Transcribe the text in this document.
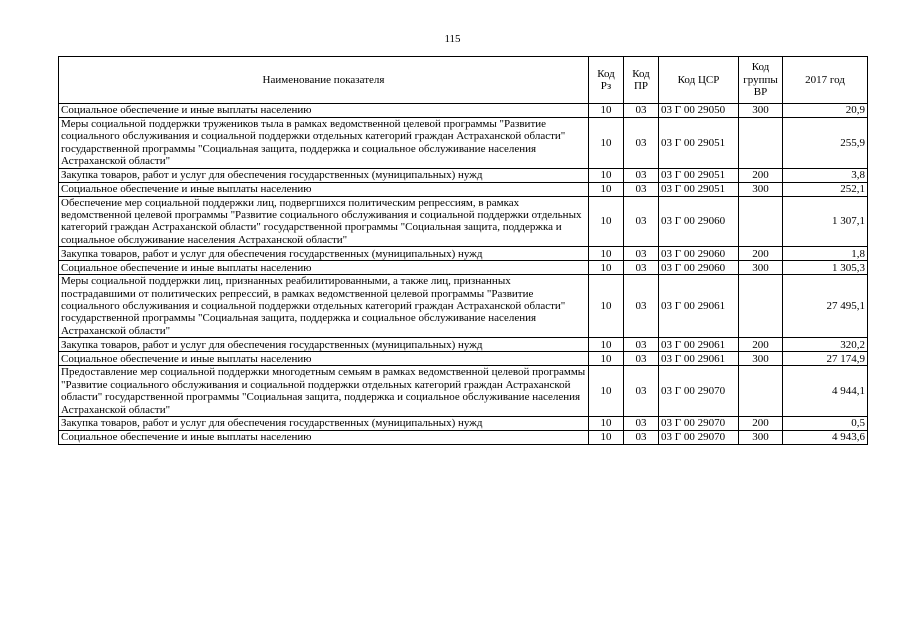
115
Наименование показателя	Код Рз	Код ПР	Код ЦСР	Код группы ВР	2017 год
Социальное обеспечение и иные выплаты населению	10	03	03 Г 00 29050	300	20,9
Меры социальной поддержки тружеников тыла в рамках ведомственной целевой программы "Развитие социального обслуживания и социальной поддержки отдельных категорий граждан Астраханской области" государственной программы "Социальная защита, поддержка и социальное обслуживание населения Астраханской области"	10	03	03 Г 00 29051		255,9
Закупка товаров, работ и услуг для обеспечения государственных (муниципальных) нужд	10	03	03 Г 00 29051	200	3,8
Социальное обеспечение и иные выплаты населению	10	03	03 Г 00 29051	300	252,1
Обеспечение мер социальной поддержки лиц, подвергшихся политическим репрессиям, в рамках ведомственной целевой программы "Развитие социального обслуживания и социальной поддержки отдельных категорий граждан Астраханской области" государственной программы "Социальная защита, поддержка и социальное обслуживание населения Астраханской области"	10	03	03 Г 00 29060		1 307,1
Закупка товаров, работ и услуг для обеспечения государственных (муниципальных) нужд	10	03	03 Г 00 29060	200	1,8
Социальное обеспечение и иные выплаты населению	10	03	03 Г 00 29060	300	1 305,3
Меры социальной поддержки лиц, признанных реабилитированными, а также лиц, признанных пострадавшими от политических репрессий, в рамках ведомственной целевой программы "Развитие социального обслуживания и социальной поддержки отдельных категорий граждан Астраханской области" государственной программы "Социальная защита, поддержка и социальное обслуживание населения Астраханской области"	10	03	03 Г 00 29061		27 495,1
Закупка товаров, работ и услуг для обеспечения государственных (муниципальных) нужд	10	03	03 Г 00 29061	200	320,2
Социальное обеспечение и иные выплаты населению	10	03	03 Г 00 29061	300	27 174,9
Предоставление мер социальной поддержки многодетным семьям в рамках ведомственной целевой программы "Развитие социального обслуживания и социальной поддержки отдельных категорий граждан Астраханской области" государственной программы "Социальная защита, поддержка и социальное обслуживание населения Астраханской области"	10	03	03 Г 00 29070		4 944,1
Закупка товаров, работ и услуг для обеспечения государственных (муниципальных) нужд	10	03	03 Г 00 29070	200	0,5
Социальное обеспечение и иные выплаты населению	10	03	03 Г 00 29070	300	4 943,6
